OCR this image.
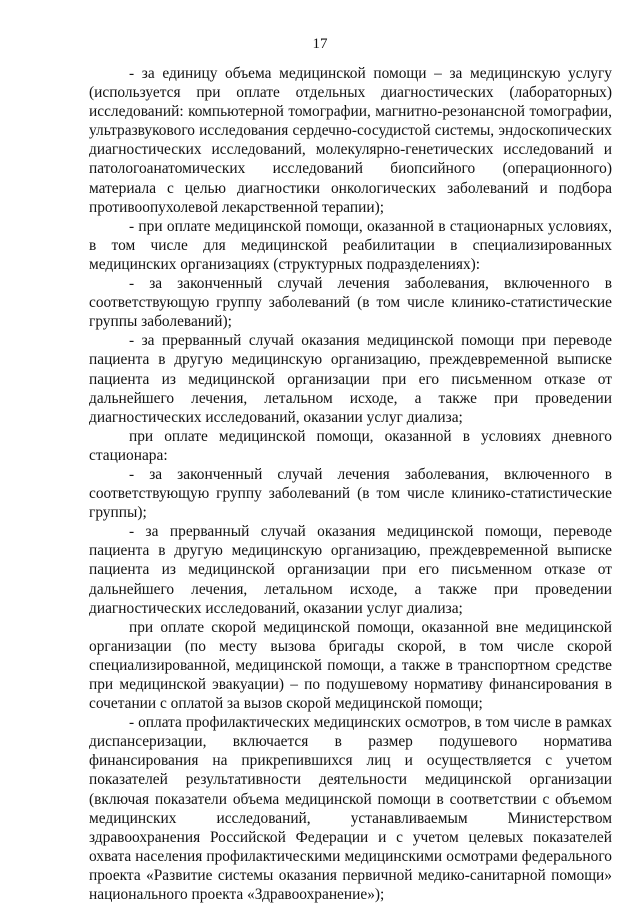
17

- за единицу объема медицинской помощи – за медицинскую услугу (используется при оплате отдельных диагностических (лабораторных) исследований: компьютерной томографии, магнитно-резонансной томографии, ультразвукового исследования сердечно-сосудистой системы, эндоскопических диагностических исследований, молекулярно-генетических исследований и патологоанатомических исследований биопсийного (операционного) материала с целью диагностики онкологических заболеваний и подбора противоопухолевой лекарственной терапии);

- при оплате медицинской помощи, оказанной в стационарных условиях, в том числе для медицинской реабилитации в специализированных медицинских организациях (структурных подразделениях):

- за законченный случай лечения заболевания, включенного в соответствующую группу заболеваний (в том числе клинико-статистические группы заболеваний);

- за прерванный случай оказания медицинской помощи при переводе пациента в другую медицинскую организацию, преждевременной выписке пациента из медицинской организации при его письменном отказе от дальнейшего лечения, летальном исходе, а также при проведении диагностических исследований, оказании услуг диализа;

при оплате медицинской помощи, оказанной в условиях дневного стационара:

- за законченный случай лечения заболевания, включенного в соответствующую группу заболеваний (в том числе клинико-статистические группы);

- за прерванный случай оказания медицинской помощи, переводе пациента в другую медицинскую организацию, преждевременной выписке пациента из медицинской организации при его письменном отказе от дальнейшего лечения, летальном исходе, а также при проведении диагностических исследований, оказании услуг диализа;

при оплате скорой медицинской помощи, оказанной вне медицинской организации (по месту вызова бригады скорой, в том числе скорой специализированной, медицинской помощи, а также в транспортном средстве при медицинской эвакуации) – по подушевому нормативу финансирования в сочетании с оплатой за вызов скорой медицинской помощи;

- оплата профилактических медицинских осмотров, в том числе в рамках диспансеризации, включается в размер подушевого норматива финансирования на прикрепившихся лиц и осуществляется с учетом показателей результативности деятельности медицинской организации (включая показатели объема медицинской помощи в соответствии с объемом медицинских исследований, устанавливаемым Министерством здравоохранения Российской Федерации и с учетом целевых показателей охвата населения профилактическими медицинскими осмотрами федерального проекта «Развитие системы оказания первичной медико-санитарной помощи» национального проекта «Здравоохранение»);
